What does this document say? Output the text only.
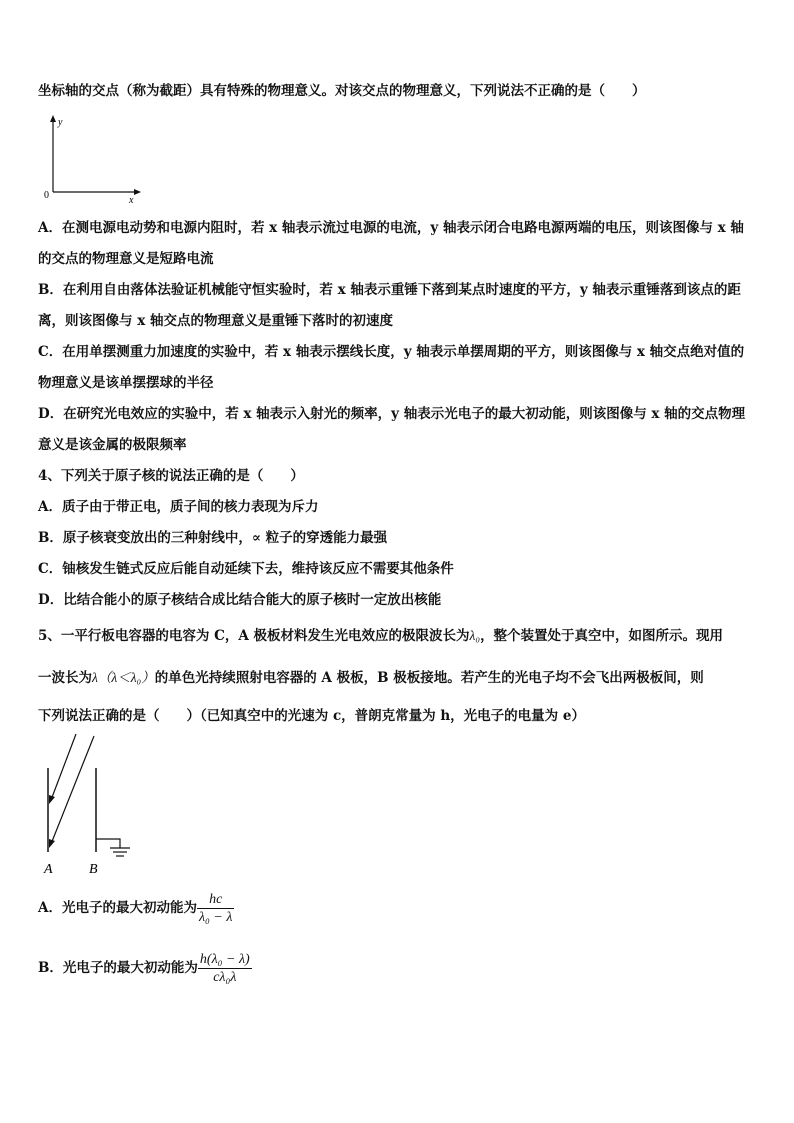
坐标轴的交点（称为截距）具有特殊的物理意义。对该交点的物理意义，下列说法不正确的是（　　）
y
0	x
A．在测电源电动势和电源内阻时，若 x 轴表示流过电源的电流，y 轴表示闭合电路电源两端的电压，则该图像与 x 轴
的交点的物理意义是短路电流
B．在利用自由落体法验证机械能守恒实验时，若 x 轴表示重锤下落到某点时速度的平方，y 轴表示重锤落到该点的距
离，则该图像与 x 轴交点的物理意义是重锤下落时的初速度
C．在用单摆测重力加速度的实验中，若 x 轴表示摆线长度，y 轴表示单摆周期的平方，则该图像与 x 轴交点绝对值的
物理意义是该单摆摆球的半径
D．在研究光电效应的实验中，若 x 轴表示入射光的频率，y 轴表示光电子的最大初动能，则该图像与 x 轴的交点物理
意义是该金属的极限频率
4、下列关于原子核的说法正确的是（　　）
A．质子由于带正电，质子间的核力表现为斥力
B．原子核衰变放出的三种射线中，∝ 粒子的穿透能力最强
C．铀核发生链式反应后能自动延续下去，维持该反应不需要其他条件
D．比结合能小的原子核结合成比结合能大的原子核时一定放出核能
5、一平行板电容器的电容为 C，A 极板材料发生光电效应的极限波长为λ₀，整个装置处于真空中，如图所示。现用
一波长为λ（λ＜λ₀）的单色光持续照射电容器的 A 极板，B 极板接地。若产生的光电子均不会飞出两极板间，则
下列说法正确的是（　　）（已知真空中的光速为 c，普朗克常量为 h，光电子的电量为 e）
A	B
A．光电子的最大初动能为 $\frac{hc}{\text{λ₀ − λ}}$
B．光电子的最大初动能为 $\frac{\text{h(λ₀ − λ)}}{\text{cλ₀λ}}$
